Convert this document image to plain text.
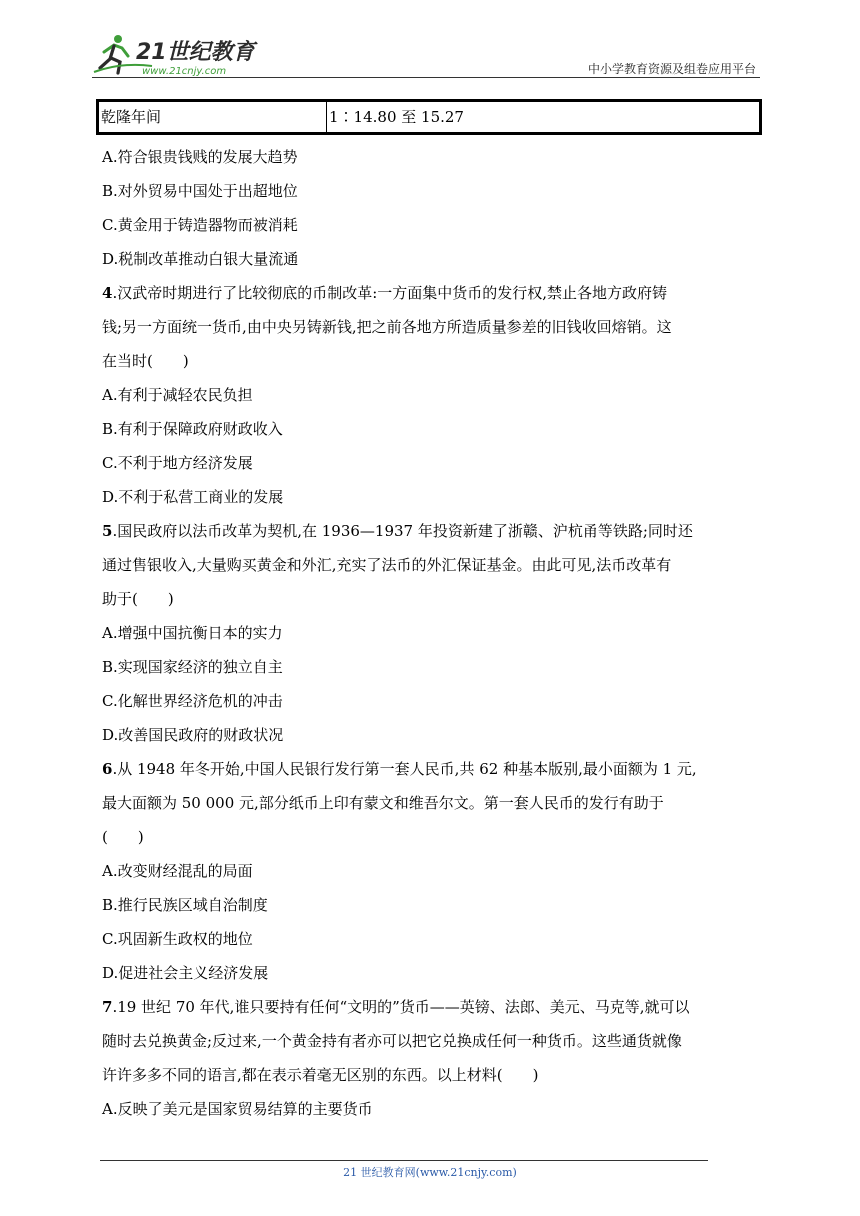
21世纪教育
www.21cnjy.com	中小学教育资源及组卷应用平台
乾隆年间	1∶14.80 至 15.27
A.符合银贵钱贱的发展大趋势
B.对外贸易中国处于出超地位
C.黄金用于铸造器物而被消耗
D.税制改革推动白银大量流通
4.汉武帝时期进行了比较彻底的币制改革:一方面集中货币的发行权,禁止各地方政府铸
钱;另一方面统一货币,由中央另铸新钱,把之前各地方所造质量参差的旧钱收回熔销。这
在当时(　　)
A.有利于减轻农民负担
B.有利于保障政府财政收入
C.不利于地方经济发展
D.不利于私营工商业的发展
5.国民政府以法币改革为契机,在 1936—1937 年投资新建了浙赣、沪杭甬等铁路;同时还
通过售银收入,大量购买黄金和外汇,充实了法币的外汇保证基金。由此可见,法币改革有
助于(　　)
A.增强中国抗衡日本的实力
B.实现国家经济的独立自主
C.化解世界经济危机的冲击
D.改善国民政府的财政状况
6.从 1948 年冬开始,中国人民银行发行第一套人民币,共 62 种基本版别,最小面额为 1 元,
最大面额为 50 000 元,部分纸币上印有蒙文和维吾尔文。第一套人民币的发行有助于
(　　)
A.改变财经混乱的局面
B.推行民族区域自治制度
C.巩固新生政权的地位
D.促进社会主义经济发展
7.19 世纪 70 年代,谁只要持有任何“文明的”货币——英镑、法郎、美元、马克等,就可以
随时去兑换黄金;反过来,一个黄金持有者亦可以把它兑换成任何一种货币。这些通货就像
许许多多不同的语言,都在表示着毫无区别的东西。以上材料(　　)
A.反映了美元是国家贸易结算的主要货币
21 世纪教育网(www.21cnjy.com)
